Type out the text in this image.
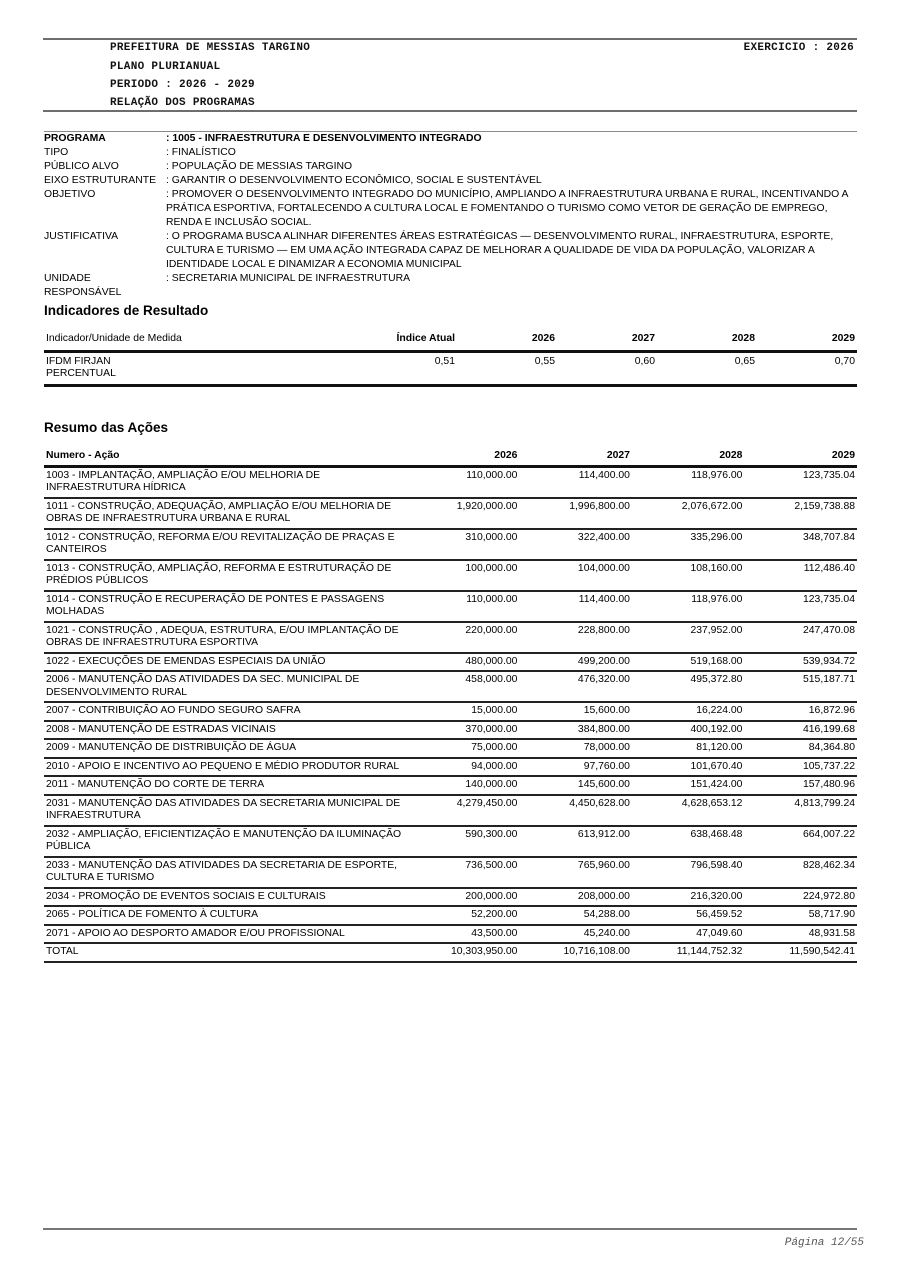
PREFEITURA DE MESSIAS TARGINO	EXERCICIO : 2026
PLANO PLURIANUAL
PERIODO : 2026 - 2029
RELAÇÃO DOS PROGRAMAS
PROGRAMA	: 1005 - INFRAESTRUTURA E DESENVOLVIMENTO INTEGRADO
TIPO	: FINALÍSTICO
PÚBLICO ALVO	: POPULAÇÃO DE MESSIAS TARGINO
EIXO ESTRUTURANTE : GARANTIR O DESENVOLVIMENTO ECONÔMICO, SOCIAL E SUSTENTÁVEL
OBJETIVO	: PROMOVER O DESENVOLVIMENTO INTEGRADO DO MUNICÍPIO, AMPLIANDO A INFRAESTRUTURA URBANA E RURAL, INCENTIVANDO A PRÁTICA ESPORTIVA, FORTALECENDO A CULTURA LOCAL E FOMENTANDO O TURISMO COMO VETOR DE GERAÇÃO DE EMPREGO, RENDA E INCLUSÃO SOCIAL.
JUSTIFICATIVA	: O PROGRAMA BUSCA ALINHAR DIFERENTES ÁREAS ESTRATÉGICAS — DESENVOLVIMENTO RURAL, INFRAESTRUTURA, ESPORTE, CULTURA E TURISMO — EM UMA AÇÃO INTEGRADA CAPAZ DE MELHORAR A QUALIDADE DE VIDA DA POPULAÇÃO, VALORIZAR A IDENTIDADE LOCAL E DINAMIZAR A ECONOMIA MUNICIPAL
UNIDADE RESPONSÁVEL
: SECRETARIA MUNICIPAL DE INFRAESTRUTURA
Indicadores de Resultado
Indicador/Unidade de Medida	Índice Atual	2026	2027	2028	2029

IFDM FIRJAN
PERCENTUAL	0,51	0,55	0,60	0,65	0,70
Resumo das Ações
Numero - Ação	2026	2027	2028	2029
1003 - IMPLANTAÇÃO, AMPLIAÇÃO E/OU MELHORIA DE INFRAESTRUTURA HÍDRICA	110,000.00	114,400.00	118,976.00	123,735.04
1011 - CONSTRUÇÃO, ADEQUAÇÃO, AMPLIAÇÃO E/OU MELHORIA DE OBRAS DE INFRAESTRUTURA URBANA E RURAL	1,920,000.00	1,996,800.00	2,076,672.00	2,159,738.88
1012 - CONSTRUÇÃO, REFORMA E/OU REVITALIZAÇÃO DE PRAÇAS E CANTEIROS	310,000.00	322,400.00	335,296.00	348,707.84
1013 - CONSTRUÇÃO, AMPLIAÇÃO, REFORMA E ESTRUTURAÇÃO DE PRÉDIOS PÚBLICOS	100,000.00	104,000.00	108,160.00	112,486.40
1014 - CONSTRUÇÃO E RECUPERAÇÃO DE PONTES E PASSAGENS MOLHADAS	110,000.00	114,400.00	118,976.00	123,735.04
1021 - CONSTRUÇÃO , ADEQUA, ESTRUTURA, E/OU IMPLANTAÇÃO DE OBRAS DE INFRAESTRUTURA ESPORTIVA	220,000.00	228,800.00	237,952.00	247,470.08
1022 - EXECUÇÕES DE EMENDAS ESPECIAIS DA UNIÃO	480,000.00	499,200.00	519,168.00	539,934.72
2006 - MANUTENÇÃO DAS ATIVIDADES DA SEC. MUNICIPAL DE DESENVOLVIMENTO RURAL	458,000.00	476,320.00	495,372.80	515,187.71
2007 - CONTRIBUIÇÃO AO FUNDO SEGURO SAFRA	15,000.00	15,600.00	16,224.00	16,872.96
2008 - MANUTENÇÃO DE ESTRADAS VICINAIS	370,000.00	384,800.00	400,192.00	416,199.68
2009 - MANUTENÇÃO DE DISTRIBUIÇÃO DE ÁGUA	75,000.00	78,000.00	81,120.00	84,364.80
2010 - APOIO E INCENTIVO AO PEQUENO E MÉDIO PRODUTOR RURAL	94,000.00	97,760.00	101,670.40	105,737.22
2011 - MANUTENÇÃO DO CORTE DE TERRA	140,000.00	145,600.00	151,424.00	157,480.96
2031 - MANUTENÇÃO DAS ATIVIDADES DA SECRETARIA MUNICIPAL DE INFRAESTRUTURA	4,279,450.00	4,450,628.00	4,628,653.12	4,813,799.24
2032 - AMPLIAÇÃO, EFICIENTIZAÇÃO E MANUTENÇÃO DA ILUMINAÇÃO PÚBLICA	590,300.00	613,912.00	638,468.48	664,007.22
2033 - MANUTENÇÃO DAS ATIVIDADES DA SECRETARIA DE ESPORTE, CULTURA E TURISMO	736,500.00	765,960.00	796,598.40	828,462.34
2034 - PROMOÇÃO DE EVENTOS SOCIAIS E CULTURAIS	200,000.00	208,000.00	216,320.00	224,972.80
2065 - POLÍTICA DE FOMENTO À CULTURA	52,200.00	54,288.00	56,459.52	58,717.90
2071 - APOIO AO DESPORTO AMADOR E/OU PROFISSIONAL	43,500.00	45,240.00	47,049.60	48,931.58
TOTAL	10,303,950.00	10,716,108.00	11,144,752.32	11,590,542.41
Página 12/55
